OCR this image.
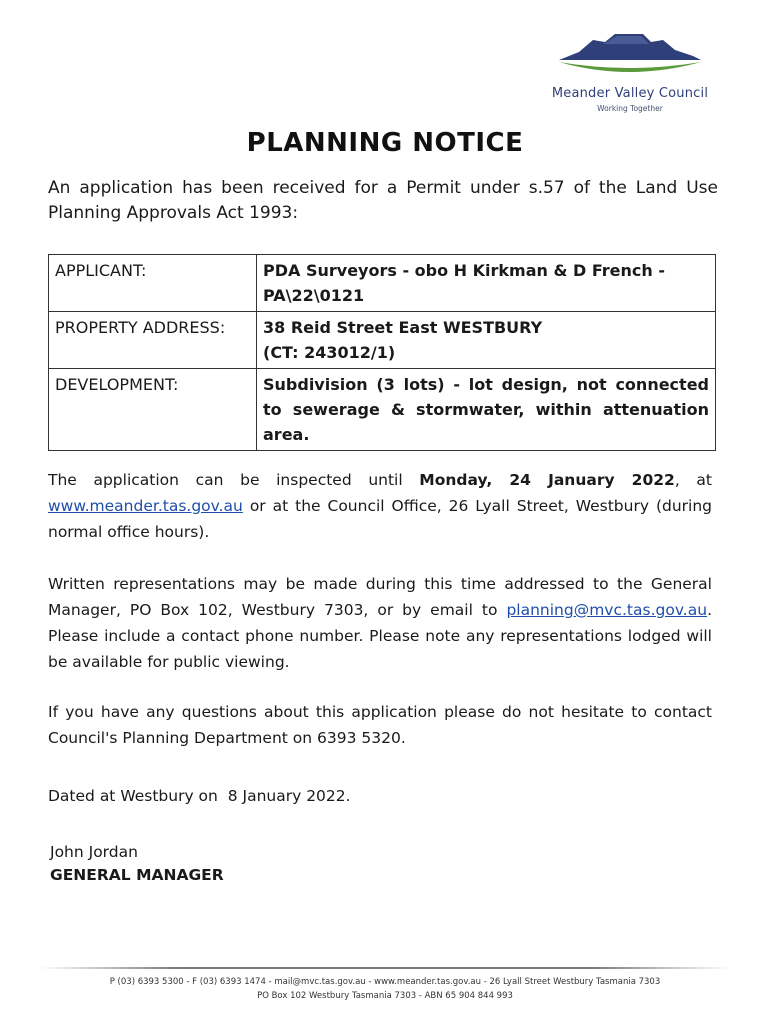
Meander Valley Council
Working Together
PLANNING NOTICE
An application has been received for a Permit under s.57 of the Land Use Planning Approvals Act 1993:
APPLICANT:	PDA Surveyors - obo H Kirkman & D French - PA\22\0121
PROPERTY ADDRESS:	38 Reid Street East WESTBURY
(CT: 243012/1)

DEVELOPMENT:	Subdivision (3 lots) - lot design, not connected to sewerage & stormwater, within attenuation area.
The application can be inspected until Monday, 24 January 2022, at www.meander.tas.gov.au or at the Council Office, 26 Lyall Street, Westbury (during normal office hours).
Written representations may be made during this time addressed to the General Manager, PO Box 102, Westbury 7303, or by email to planning@mvc.tas.gov.au. Please include a contact phone number. Please note any representations lodged will be available for public viewing.
If you have any questions about this application please do not hesitate to contact Council's Planning Department on 6393 5320.
Dated at Westbury on  8 January 2022.
John Jordan
GENERAL MANAGER
P (03) 6393 5300 - F (03) 6393 1474 - mail@mvc.tas.gov.au - www.meander.tas.gov.au - 26 Lyall Street Westbury Tasmania 7303
PO Box 102 Westbury Tasmania 7303 - ABN 65 904 844 993
